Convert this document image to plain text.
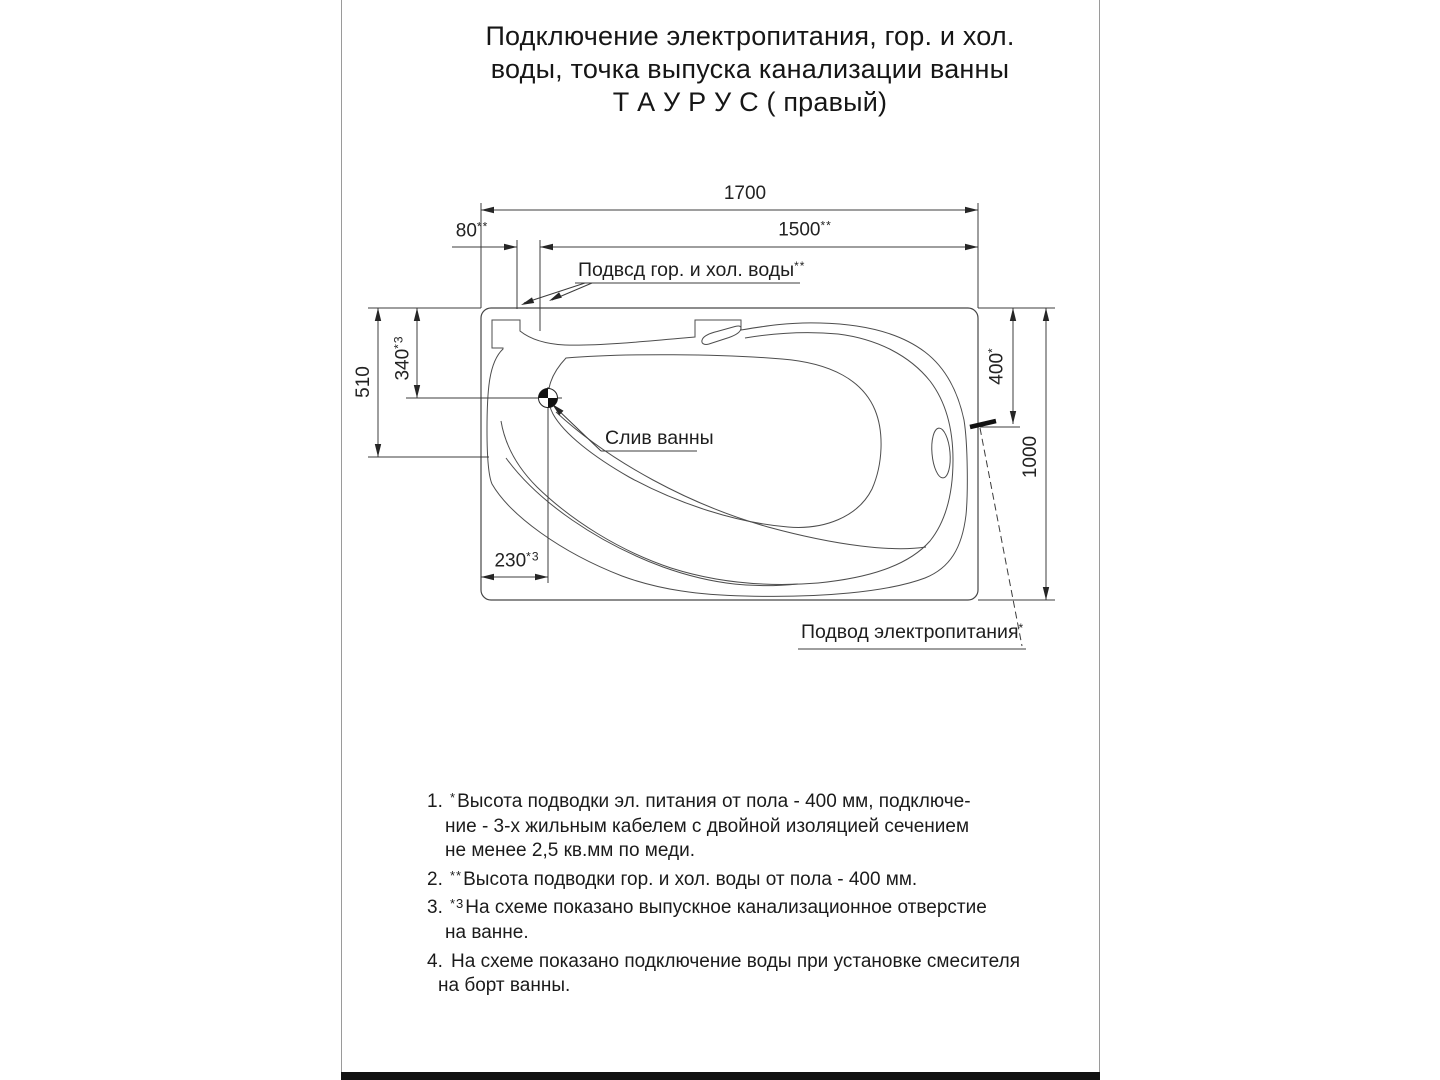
Подключение электропитания, гор. и хол.
воды, точка выпуска канализации ванны
Т А У Р У С ( правый)
1700
80**	1500**
510
340$^{*3}$
230$^{*3}$
400*
1000
Подвсд гор. и хол. воды**
Слив ванны
Подвод электропитания*
1. *Высота подводки эл. питания от пола - 400 мм, подключе-
ние - 3-х жильным кабелем с двойной изоляцией сечением
не менее 2,5 кв.мм по меди.
2. **Высота подводки гор. и хол. воды от пола - 400 мм.
3. $^{*3}$На схеме показано выпускное канализационное отверстие
на ванне.
4. На схеме показано подключение воды при установке смесителя
на борт ванны.
